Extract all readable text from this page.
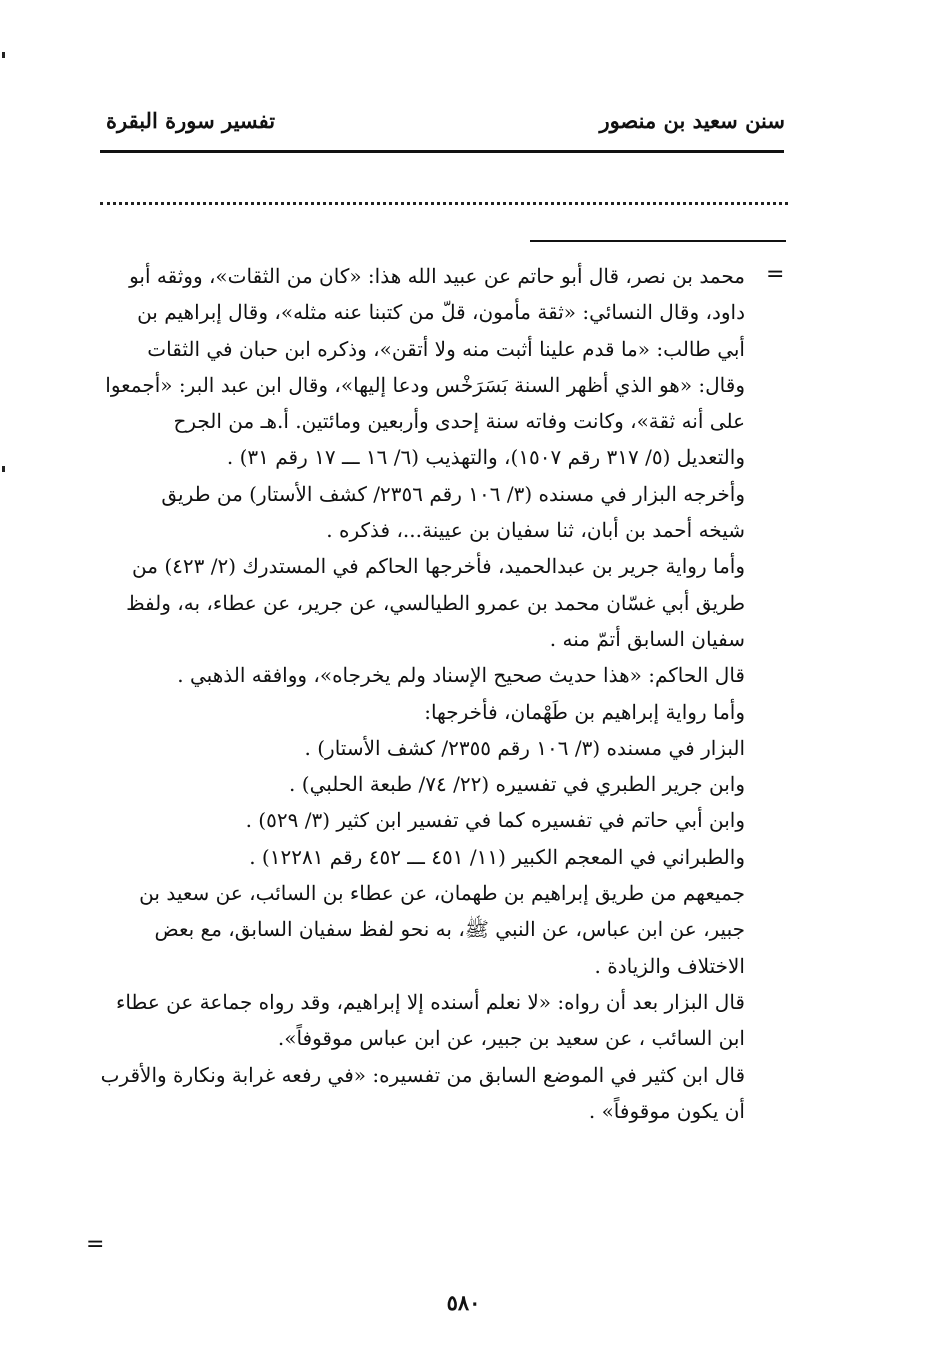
سنن سعيد بن منصور
تفسير سورة البقرة
=
محمد بن نصر، قال أبو حاتم عن عبيد الله هذا: «كان من الثقات»، ووثقه أبو
داود، وقال النسائي: «ثقة مأمون، قلّ من كتبنا عنه مثله»، وقال إبراهيم بن
أبي طالب: «ما قدم علينا أثبت منه ولا أتقن»، وذكره ابن حبان في الثقات
وقال: «هو الذي أظهر السنة بَسَرَخْس ودعا إليها»، وقال ابن عبد البر: «أجمعوا
على أنه ثقة»، وكانت وفاته سنة إحدى وأربعين ومائتين. أ.هـ من الجرح
والتعديل (٥/ ٣١٧ رقم ١٥٠٧)، والتهذيب (٦/ ١٦ ـــ ١٧ رقم ٣١) .
وأخرجه البزار في مسنده (٣/ ١٠٦ رقم ٢٣٥٦/ كشف الأستار) من طريق
شيخه أحمد بن أبان، ثنا سفيان بن عيينة...، فذكره .
وأما رواية جرير بن عبدالحميد، فأخرجها الحاكم في المستدرك (٢/ ٤٢٣) من
طريق أبي غسّان محمد بن عمرو الطيالسي، عن جرير، عن عطاء، به، ولفظ
سفيان السابق أتمّ منه .
قال الحاكم: «هذا حديث صحيح الإسناد ولم يخرجاه»، ووافقه الذهبي .
وأما رواية إبراهيم بن طَهْمان، فأخرجها:
البزار في مسنده (٣/ ١٠٦ رقم ٢٣٥٥/ كشف الأستار) .
وابن جرير الطبري في تفسيره (٢٢/ ٧٤/ طبعة الحلبي) .
وابن أبي حاتم في تفسيره كما في تفسير ابن كثير (٣/ ٥٢٩) .
والطبراني في المعجم الكبير (١١/ ٤٥١ ـــ ٤٥٢ رقم ١٢٢٨١) .
جميعهم من طريق إبراهيم بن طهمان، عن عطاء بن السائب، عن سعيد بن
جبير، عن ابن عباس، عن النبي ﷺ، به نحو لفظ سفيان السابق، مع بعض
الاختلاف والزيادة .
قال البزار بعد أن رواه: «لا نعلم أسنده إلا إبراهيم، وقد رواه جماعة عن عطاء
ابن السائب ، عن سعيد بن جبير، عن ابن عباس موقوفاً».
قال ابن كثير في الموضع السابق من تفسيره: «في رفعه غرابة ونكارة والأقرب
أن يكون موقوفاً» .
=
٥٨٠
